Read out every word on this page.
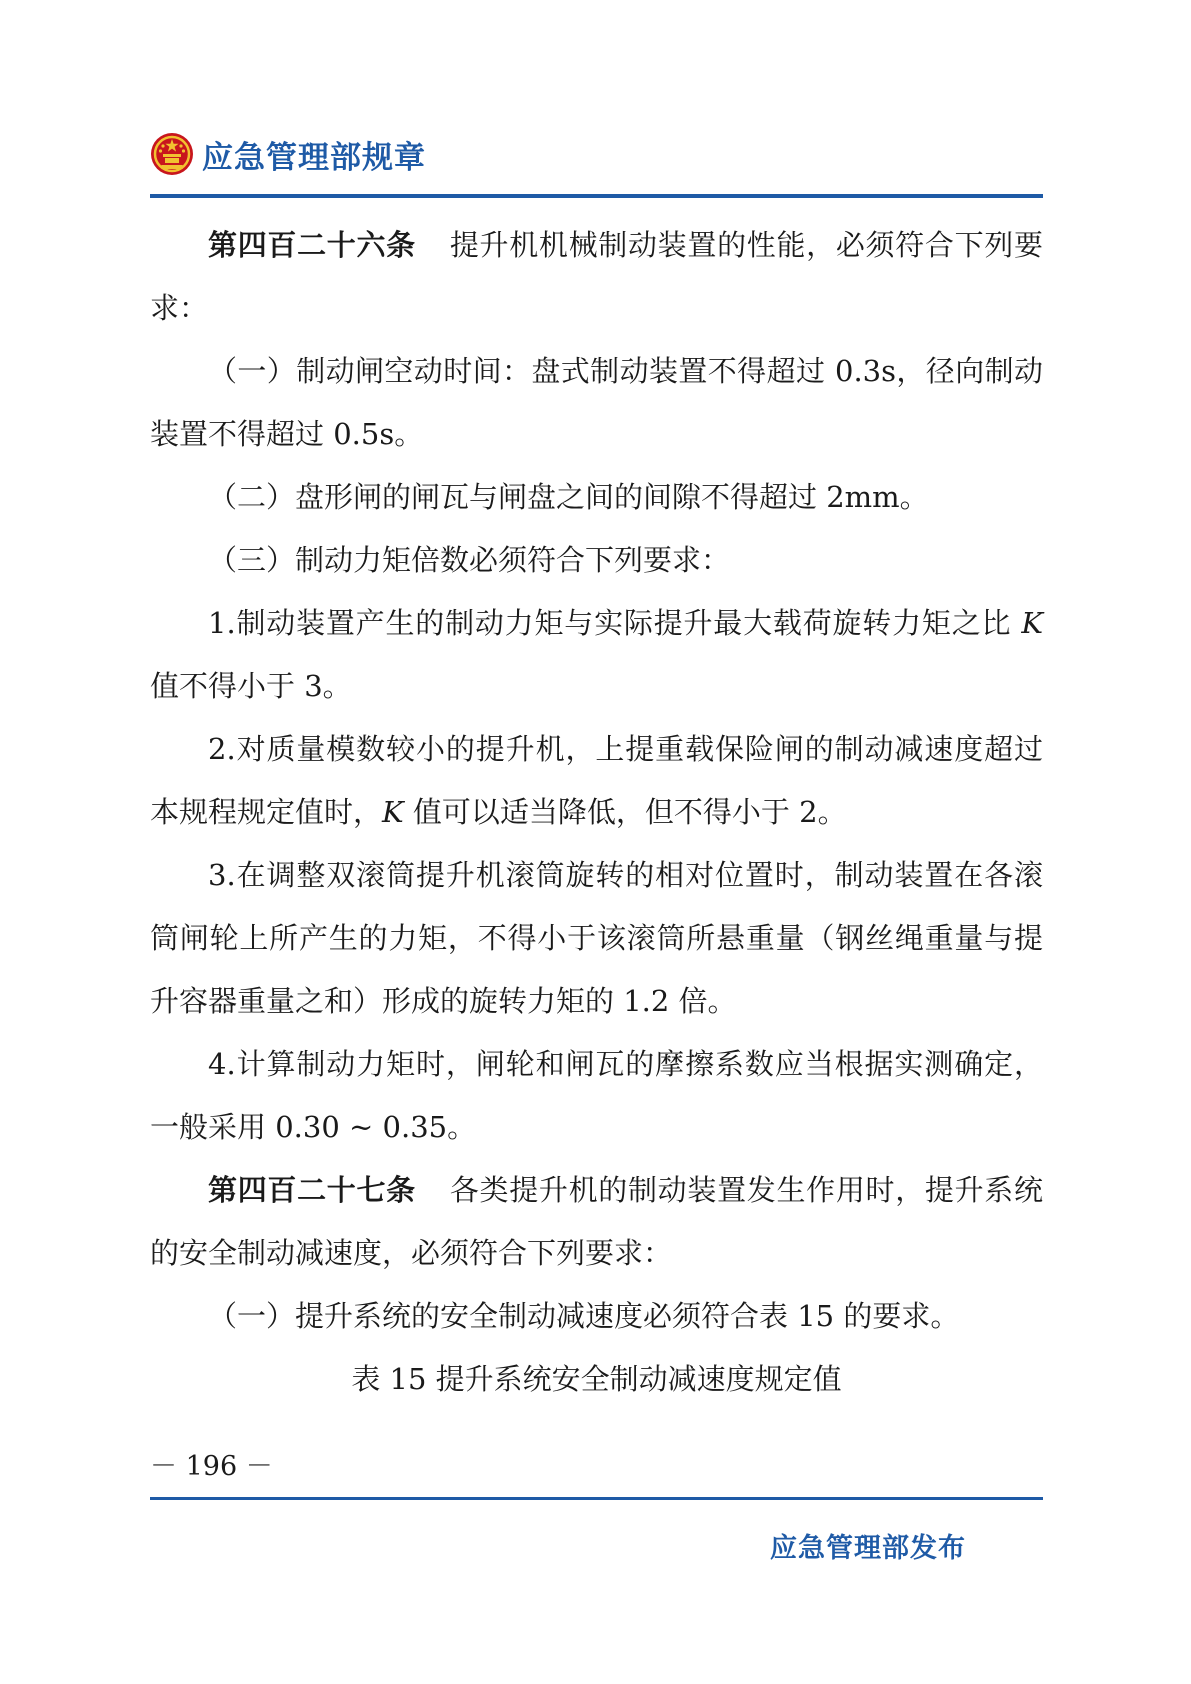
应急管理部规章

第四百二十六条 提升机机械制动装置的性能，必须符合下列要求：

（一）制动闸空动时间：盘式制动装置不得超过 0.3s，径向制动装置不得超过 0.5s。

（二）盘形闸的闸瓦与闸盘之间的间隙不得超过 2mm。

（三）制动力矩倍数必须符合下列要求：

1.制动装置产生的制动力矩与实际提升最大载荷旋转力矩之比 K 值不得小于 3。

2.对质量模数较小的提升机，上提重载保险闸的制动减速度超过本规程规定值时，K 值可以适当降低，但不得小于 2。

3.在调整双滚筒提升机滚筒旋转的相对位置时，制动装置在各滚筒闸轮上所产生的力矩，不得小于该滚筒所悬重量（钢丝绳重量与提升容器重量之和）形成的旋转力矩的 1.2 倍。

4.计算制动力矩时，闸轮和闸瓦的摩擦系数应当根据实测确定，一般采用 0.30 ~ 0.35。

第四百二十七条 各类提升机的制动装置发生作用时，提升系统的安全制动减速度，必须符合下列要求：

（一）提升系统的安全制动减速度必须符合表 15 的要求。

表 15 提升系统安全制动减速度规定值

－ 196 －
应急管理部发布
